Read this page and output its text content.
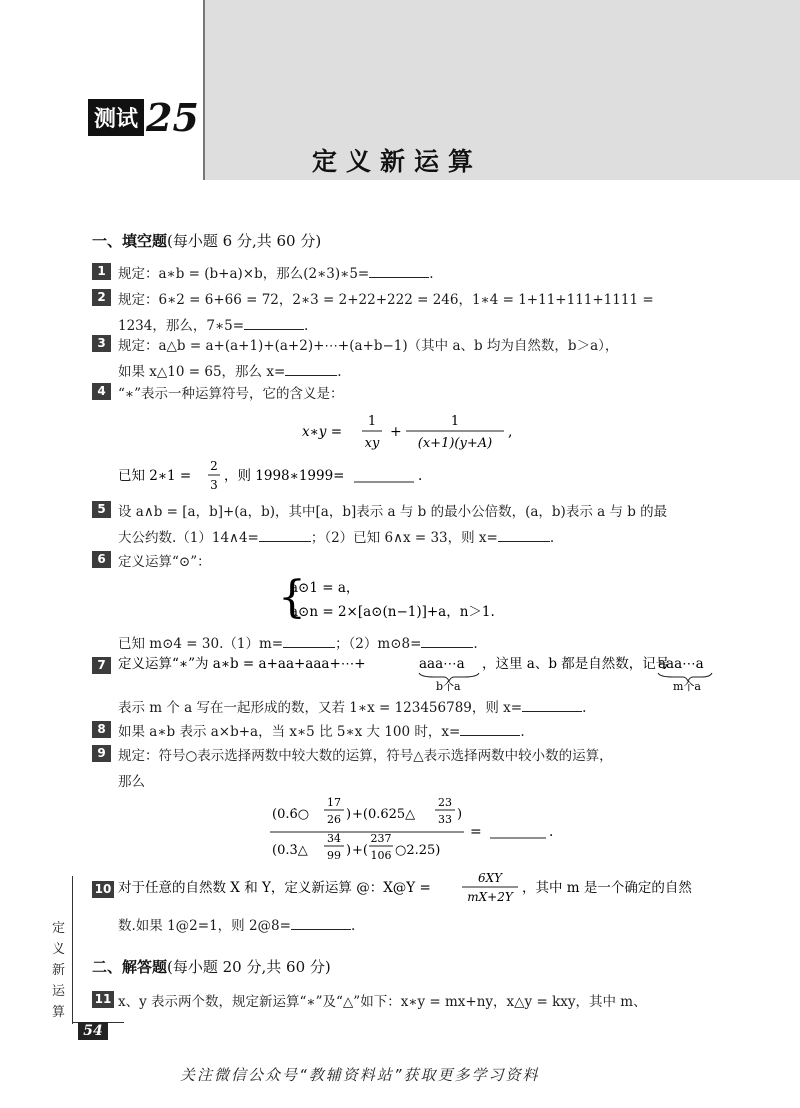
测试 25
定义新运算
一、填空题(每小题 6 分,共 60 分)
1 规定：a∗b = (b+a)×b，那么(2∗3)∗5=	.
2 规定：6∗2 = 6+66 = 72，2∗3 = 2+22+222 = 246，1∗4 = 1+11+111+1111 =
1234，那么，7∗5=	.
3 规定：a△b = a+(a+1)+(a+2)+⋯+(a+b−1)（其中 a、b 均为自然数，b＞a），
如果 x△10 = 65，那么 x=	.
4 “∗”表示一种运算符号，它的含义是：
x∗y =
1
xy
+
1
(x+1)(y+A)
,
已知 2∗1 =
2
3
，则 1998∗1999=	.
5 设 a∧b = [a，b]+(a，b)，其中[a，b]表示 a 与 b 的最小公倍数，(a，b)表示 a 与 b 的最
大公约数.（1）14∧4=	；（2）已知 6∧x = 33，则 x=	.
6 定义运算“⊙”：
{
a⊙1 = a，
a⊙n = 2×[a⊙(n−1)]+a，n＞1.
已知 m⊙4 = 30.（1）m=	；（2）m⊙8=	.
7 定义运算“∗”为 a∗b = a+aa+aaa+⋯+	aaa⋯a
b个a
，这里 a、b 都是自然数，记号
aaa⋯a
m个a
表示 m 个 a 写在一起形成的数，又若 1∗x = 123456789，则 x=	.
8 如果 a∗b 表示 a×b+a，当 x∗5 比 5∗x 大 100 时，x=	.
9 规定：符号○表示选择两数中较大数的运算，符号△表示选择两数中较小数的运算，
那么
(0.6̇○
17
26 ) +(0.625△
23
33 )
(0.3̇△
34
99 ) +(
237
106 ○2.25)
=	.
10 对于任意的自然数 X 和 Y，定义新运算 @：X@Y =
6XY
mX+2Y
，其中 m 是一个确定的自然
数.如果 1@2=1，则 2@8=	.
二、解答题(每小题 20 分,共 60 分)
11 x、y 表示两个数，规定新运算“∗”及“△”如下：x∗y = mx+ny，x△y = kxy，其中 m、
定义新运算
54
关注微信公众号“教辅资料站”获取更多学习资料
